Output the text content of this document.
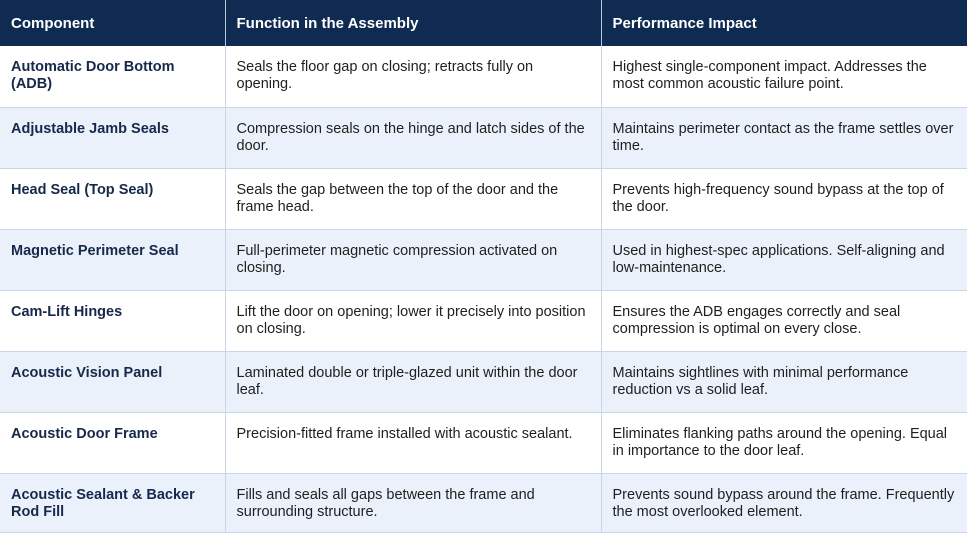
Component	Function in the Assembly	Performance Impact
Automatic Door Bottom (ADB)	Seals the floor gap on closing; retracts fully on opening.	Highest single-component impact. Addresses the most common acoustic failure point.
Adjustable Jamb Seals	Compression seals on the hinge and latch sides of the door.	Maintains perimeter contact as the frame settles over time.
Head Seal (Top Seal)	Seals the gap between the top of the door and the frame head.	Prevents high-frequency sound bypass at the top of the door.
Magnetic Perimeter Seal	Full-perimeter magnetic compression activated on closing.	Used in highest-spec applications. Self-aligning and low-maintenance.
Cam-Lift Hinges	Lift the door on opening; lower it precisely into position on closing.	Ensures the ADB engages correctly and seal compression is optimal on every close.
Acoustic Vision Panel	Laminated double or triple-glazed unit within the door leaf.	Maintains sightlines with minimal performance reduction vs a solid leaf.
Acoustic Door Frame	Precision-fitted frame installed with acoustic sealant.	Eliminates flanking paths around the opening. Equal in importance to the door leaf.
Acoustic Sealant & Backer Rod Fill	Fills and seals all gaps between the frame and surrounding structure.	Prevents sound bypass around the frame. Frequently the most overlooked element.
